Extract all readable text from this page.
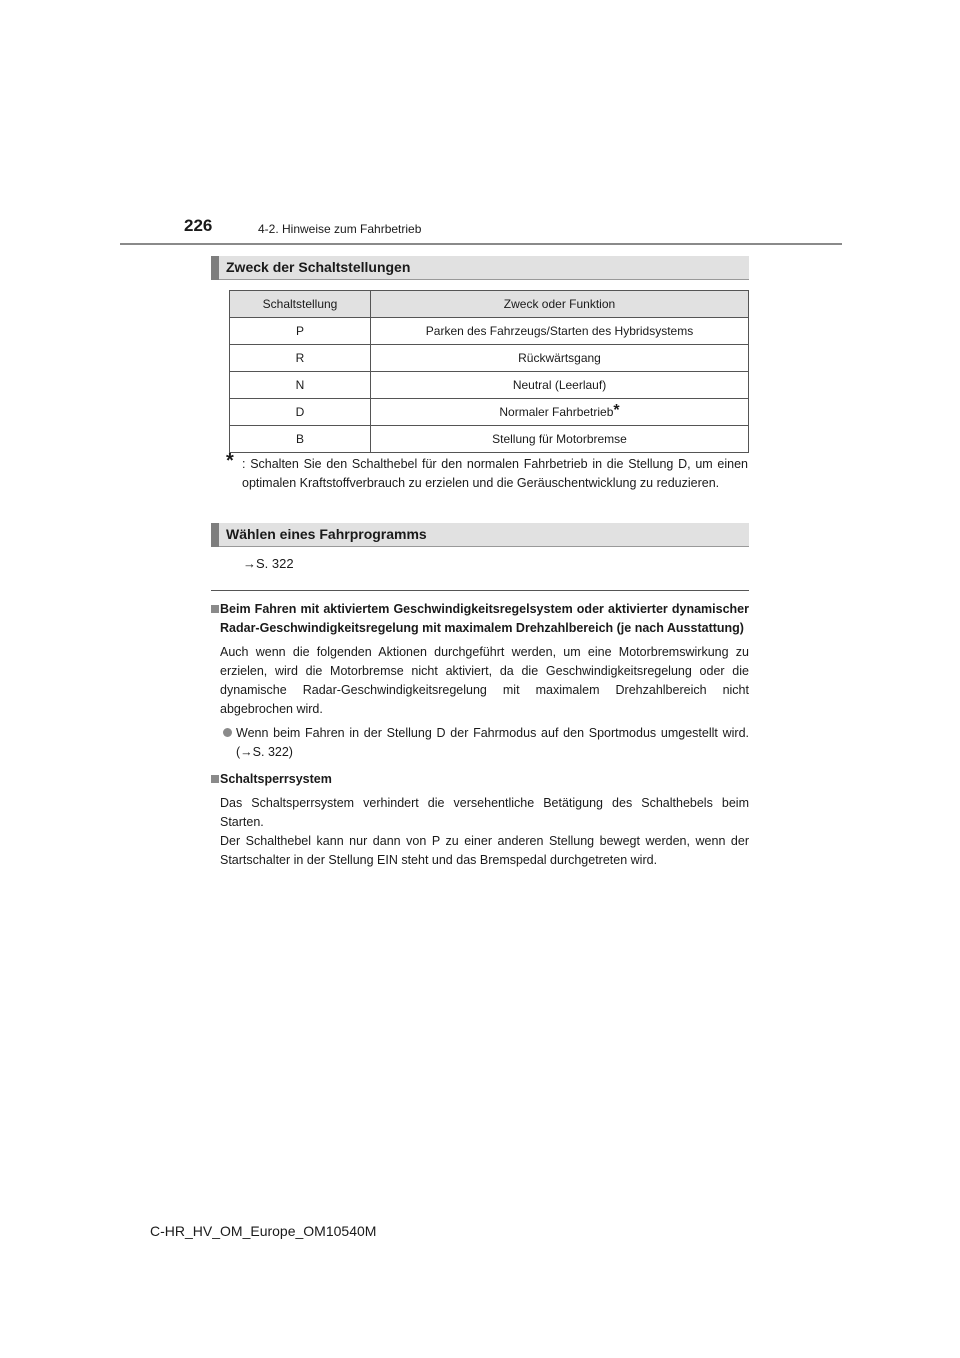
226	4-2. Hinweise zum Fahrbetrieb
Zweck der Schaltstellungen
Schaltstellung	Zweck oder Funktion
P	Parken des Fahrzeugs/Starten des Hybridsystems
R	Rückwärtsgang
N	Neutral (Leerlauf)
D	Normaler Fahrbetrieb*
B	Stellung für Motorbremse
* : Schalten Sie den Schalthebel für den normalen Fahrbetrieb in die Stellung D, um einen optimalen Kraftstoffverbrauch zu erzielen und die Geräuschentwicklung zu reduzieren.
Wählen eines Fahrprogramms
→S. 322
Beim Fahren mit aktiviertem Geschwindigkeitsregelsystem oder aktivierter dynamischer Radar-Geschwindigkeitsregelung mit maximalem Drehzahlbereich (je nach Ausstattung)
Auch wenn die folgenden Aktionen durchgeführt werden, um eine Motorbremswirkung zu erzielen, wird die Motorbremse nicht aktiviert, da die Geschwindigkeitsregelung oder die dynamische Radar-Geschwindigkeitsregelung mit maximalem Drehzahlbereich nicht abgebrochen wird.
Wenn beim Fahren in der Stellung D der Fahrmodus auf den Sportmodus umgestellt wird. (→S. 322)
Schaltsperrsystem
Das Schaltsperrsystem verhindert die versehentliche Betätigung des Schalthebels beim Starten.
Der Schalthebel kann nur dann von P zu einer anderen Stellung bewegt werden, wenn der Startschalter in der Stellung EIN steht und das Bremspedal durchgetreten wird.
C-HR_HV_OM_Europe_OM10540M
